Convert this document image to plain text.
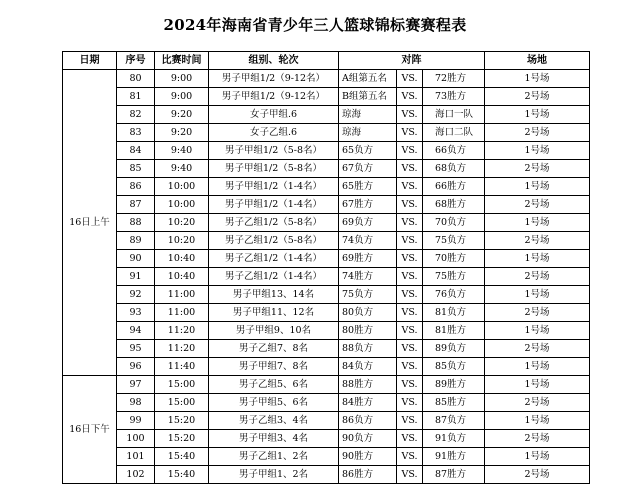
2024年海南省青少年三人篮球锦标赛赛程表
日期	序号	比赛时间	组别、轮次	对阵			场地
16日上午	80	9:00	男子甲组1/2（9-12名）	A组第五名	VS.	72胜方	1号场
	81	9:00	男子甲组1/2（9-12名）	B组第五名	VS.	73胜方	2号场
	82	9:20	女子甲组.6	琼海	VS.	海口一队	1号场
	83	9:20	女子乙组.6	琼海	VS.	海口二队	2号场
	84	9:40	男子甲组1/2（5-8名）	65负方	VS.	66负方	1号场
	85	9:40	男子甲组1/2（5-8名）	67负方	VS.	68负方	2号场
	86	10:00	男子甲组1/2（1-4名）	65胜方	VS.	66胜方	1号场
	87	10:00	男子甲组1/2（1-4名）	67胜方	VS.	68胜方	2号场
	88	10:20	男子乙组1/2（5-8名）	69负方	VS.	70负方	1号场
	89	10:20	男子乙组1/2（5-8名）	74负方	VS.	75负方	2号场
	90	10:40	男子乙组1/2（1-4名）	69胜方	VS.	70胜方	1号场
	91	10:40	男子乙组1/2（1-4名）	74胜方	VS.	75胜方	2号场
	92	11:00	男子甲组13、14名	75负方	VS.	76负方	1号场
	93	11:00	男子甲组11、12名	80负方	VS.	81负方	2号场
	94	11:20	男子甲组9、10名	80胜方	VS.	81胜方	1号场
	95	11:20	男子乙组7、8名	88负方	VS.	89负方	2号场
	96	11:40	男子甲组7、8名	84负方	VS.	85负方	1号场
16日下午	97	15:00	男子乙组5、6名	88胜方	VS.	89胜方	1号场
	98	15:00	男子甲组5、6名	84胜方	VS.	85胜方	2号场
	99	15:20	男子乙组3、4名	86负方	VS.	87负方	1号场
	100	15:20	男子甲组3、4名	90负方	VS.	91负方	2号场
	101	15:40	男子乙组1、2名	90胜方	VS.	91胜方	1号场
	102	15:40	男子甲组1、2名	86胜方	VS.	87胜方	2号场
